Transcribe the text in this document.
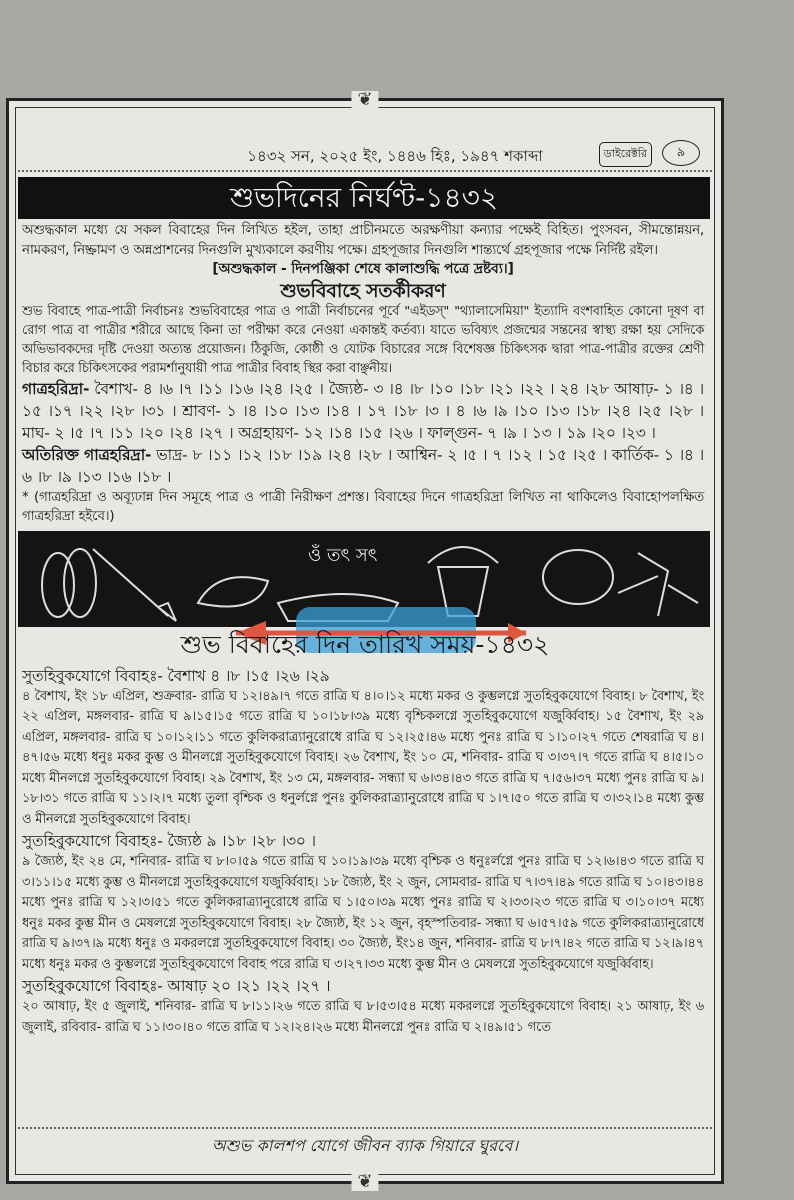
❦
১৪৩২ সন, ২০২৫ ইং, ১৪৪৬ হিঃ, ১৯৪৭ শকাব্দা	ডাইরেক্টরি	৯
শুভদিনের নির্ঘণ্ট-১৪৩২
অশুদ্ধকাল মধ্যে যে সকল বিবাহের দিন লিখিত হইল, তাহা প্রাচীনমতে অরক্ষণীয়া কন্যার পক্ষেই বিহিত। পুংসবন, সীমন্তোন্নয়ন, নামকরণ, নিষ্ক্রামণ ও অন্নপ্রাশনের দিনগুলি মুখ্যকালে করণীয় পক্ষে। গ্রহপূজার দিনগুলি শান্ত্যর্থে গ্রহপূজার পক্ষে নির্দিষ্ট রইল।
[অশুদ্ধকাল - দিনপঞ্জিকা শেষে কালাশুদ্ধি পত্রে দ্রষ্টব্য।]
শুভবিবাহে সতর্কীকরণ
শুভ বিবাহে পাত্র-পাত্রী নির্বাচনঃ শুভবিবাহের পাত্র ও পাত্রী নির্বাচনের পূর্বে "এইডস্" "থ্যালাসেমিয়া" ইত্যাদি বংশবাহিত কোনো দূষণ বা রোগ পাত্র বা পাত্রীর শরীরে আছে কিনা তা পরীক্ষা করে নেওয়া একান্তই কর্তব্য। যাতে ভবিষ্যৎ প্রজন্মের সন্তনের স্বাস্থ্য রক্ষা হয় সেদিকে অভিভাবকদের দৃষ্টি দেওয়া অত্যন্ত প্রয়োজন। ঠিকুজি, কোষ্ঠী ও যোটক বিচারের সঙ্গে বিশেষজ্ঞ চিকিৎসক দ্বারা পাত্র-পাত্রীর রক্তের শ্রেণী বিচার করে চিকিৎসকের পরামর্শানুযায়ী পাত্র পাত্রীর বিবাহ স্থির করা বাঞ্ছনীয়।
গাত্রহরিদ্রা- বৈশাখ- ৪ ।৬ ।৭ ।১১ ।১৬ ।২৪ ।২৫ । জ্যৈষ্ঠ- ৩ ।৪ ।৮ ।১০ ।১৮ ।২১ ।২২ । ২৪ ।২৮ আষাঢ়- ১ ।৪ ।১৫ ।১৭ ।২২ ।২৮ ।৩১ । শ্রাবণ- ১ ।৪ ।১০ ।১৩ ।১৪ । ১৭ ।১৮ ।৩ । ৪ ।৬ ।৯ ।১০ ।১৩ ।১৮ ।২৪ ।২৫ ।২৮ । মাঘ- ২ ।৫ ।৭ ।১১ ।২০ ।২৪ ।২৭ । অগ্রহায়ণ- ১২ ।১৪ ।১৫ ।২৬ । ফাল্গুন- ৭ ।৯ । ১৩ । ১৯ ।২০ ।২৩ ।
অতিরিক্ত গাত্রহরিদ্রা- ভাদ্র- ৮ ।১১ ।১২ ।১৮ ।১৯ ।২৪ ।২৮ । আশ্বিন- ২ ।৫ । ৭ ।১২ । ১৫ ।২৫ । কার্তিক- ১ ।৪ ।৬ ।৮ ।৯ ।১৩ ।১৬ ।১৮ ।
* (গাত্রহরিদ্রা ও অব্যূঢান্ন দিন সমূহে পাত্র ও পাত্রী নিরীক্ষণ প্রশস্ত। বিবাহের দিনে গাত্রহরিদ্রা লিখিত না থাকিলেও বিবাহোপলক্ষিত গাত্রহরিদ্রা হইবে।)
ওঁ তৎ সৎ
শুভ বিবাহের দিন তারিখ সময়-১৪৩২
সুতহিবুকযোগে বিবাহঃ- বৈশাখ ৪ ।৮ ।১৫ ।২৬ ।২৯
৪ বৈশাখ, ইং ১৮ এপ্রিল, শুক্রবার- রাত্রি ঘ ১২।৪৯।৭ গতে রাত্রি ঘ ৪।০।১২ মধ্যে মকর ও কুম্ভলগ্নে সুতহিবুকযোগে বিবাহ। ৮ বৈশাখ, ইং ২২ এপ্রিল, মঙ্গলবার- রাত্রি ঘ ৯।১৫।১৫ গতে রাত্রি ঘ ১০।১৮।৩৯ মধ্যে বৃশ্চিকলগ্নে সুতহিবুকযোগে যজুর্ব্বিবাহ। ১৫ বৈশাখ, ইং ২৯ এপ্রিল, মঙ্গলবার- রাত্রি ঘ ১০।১২।১১ গতে কুলিকরাত্র্যানুরোধে রাত্রি ঘ ১২।২৫।৪৬ মধ্যে পুনঃ রাত্রি ঘ ১।১০।২৭ গতে শেষরাত্রি ঘ ৪।৪৭।৫৬ মধ্যে ধনুঃ মকর কুম্ভ ও মীনলগ্নে সুতহিবুকযোগে বিবাহ। ২৬ বৈশাখ, ইং ১০ মে, শনিবার- রাত্রি ঘ ৩।৩৭।৭ গতে রাত্রি ঘ ৪।৫।১০ মধ্যে মীনলগ্নে সুতহিবুকযোগে বিবাহ। ২৯ বৈশাখ, ইং ১৩ মে, মঙ্গলবার- সন্ধ্যা ঘ ৬।৩৪।৪৩ গতে রাত্রি ঘ ৭।৫৬।৩৭ মধ্যে পুনঃ রাত্রি ঘ ৯।১৮।৩১ গতে রাত্রি ঘ ১১।২।৭ মধ্যে তুলা বৃশ্চিক ও ধনুর্লগ্নে পুনঃ কুলিকরাত্র্যানুরোধে রাত্রি ঘ ১।৭।৫০ গতে রাত্রি ঘ ৩।৩২।১৪ মধ্যে কুম্ভ ও মীনলগ্নে সুতহিবুকযোগে বিবাহ।
সুতহিবুকযোগে বিবাহঃ- জ্যৈষ্ঠ ৯ ।১৮ ।২৮ ।৩০ ।
৯ জ্যৈষ্ঠ, ইং ২৪ মে, শনিবার- রাত্রি ঘ ৮।০।৫৯ গতে রাত্রি ঘ ১০।১৯।৩৯ মধ্যে বৃশ্চিক ও ধনুঃর্লগ্নে পুনঃ রাত্রি ঘ ১২।৬।৪৩ গতে রাত্রি ঘ ৩।১১।১৫ মধ্যে কুম্ভ ও মীনলগ্নে সুতহিবুকযোগে যজুর্ব্বিবাহ। ১৮ জ্যৈষ্ঠ, ইং ২ জুন, সোমবার- রাত্রি ঘ ৭।৩৭।৪৯ গতে রাত্রি ঘ ১০।৪৩।৪৪ মধ্যে পুনঃ রাত্রি ঘ ১২।৩।৫১ গতে কুলিকরাত্র্যানুরোধে রাত্রি ঘ ১।৫০।৩৯ মধ্যে পুনঃ রাত্রি ঘ ২।৩৩।২৩ গতে রাত্রি ঘ ৩।১০।৩৭ মধ্যে ধনুঃ মকর কুম্ভ মীন ও মেষলগ্নে সুতহিবুকযোগে বিবাহ। ২৮ জ্যৈষ্ঠ, ইং ১২ জুন, বৃহস্পতিবার- সন্ধ্যা ঘ ৬।৫৭।৫৯ গতে কুলিকরাত্র্যানুরোধে রাত্রি ঘ ৯।৩৭।৯ মধ্যে ধনুঃ ও মকরলগ্নে সুতহিবুকযোগে বিবাহ। ৩০ জ্যৈষ্ঠ, ইং১৪ জুন, শনিবার- রাত্রি ঘ ৮।৭।৪২ গতে রাত্রি ঘ ১২।৯।৪৭ মধ্যে ধনুঃ মকর ও কুম্ভলগ্নে সুতহিবুকযোগে বিবাহ পরে রাত্রি ঘ ৩।২৭।৩৩ মধ্যে কুম্ভ মীন ও মেষলগ্নে সুতহিবুকযোগে যজুর্ব্বিবাহ।
সুতহিবুকযোগে বিবাহঃ- আষাঢ় ২০ ।২১ ।২২ ।২৭ ।
২০ আষাঢ়, ইং ৫ জুলাই, শনিবার- রাত্রি ঘ ৮।১১।২৬ গতে রাত্রি ঘ ৮।৫৩।৫৪ মধ্যে মকরলগ্নে সুতহিবুকযোগে বিবাহ। ২১ আষাঢ়, ইং ৬ জুলাই, রবিবার- রাত্রি ঘ ১১।৩০।৪০ গতে রাত্রি ঘ ১২।২৪।২৬ মধ্যে মীনলগ্নে পুনঃ রাত্রি ঘ ২।৪৯।৫১ গতে
অশুভ কালশপ যোগে জীবন ব্যাক গিয়ারে ঘুরবে।
❦
